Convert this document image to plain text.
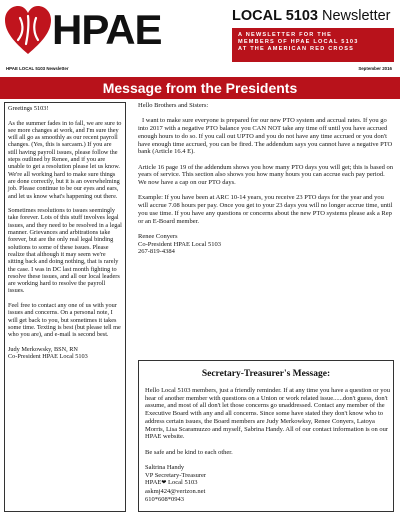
HPAE	LOCAL 5103 Newsletter
A NEWSLETTER FOR THE
MEMBERS OF HPAE LOCAL 5103
AT THE AMERICAN RED CROSS
HPAE LOCAL 5103 Newsletter	September 2016
Message from the Presidents

Greetings 5103!

As the summer fades in to fall, we are sure to see more changes at work, and I'm sure they will all go as smoothly as our recent payroll changes. (Yes, this is sarcasm.) If you are still having payroll issues, please follow the steps outlined by Renee, and if you are unable to get a resolution please let us know. We're all working hard to make sure things are done correctly, but it is an overwhelming job. Please continue to be our eyes and ears, and let us know what's happening out there.

Sometimes resolutions to issues seemingly take forever. Lots of this stuff involves legal issues, and they need to be resolved in a legal manner. Grievances and arbitrations take forever, but are the only real legal binding solutions to some of these issues. Please realize that although it may seem we're sitting back and doing nothing, that is rarely the case. I was in DC last month fighting to resolve these issues, and all our local leaders are working hard to resolve the payroll issues.

Feel free to contact any one of us with your issues and concerns. On a personal note, I will get back to you, but sometimes it takes some time. Texting is best (but please tell me who you are), and e-mail is second best.

Judy Merkowsky, BSN, RN

Co-President HPAE Local 5103

Hello Brothers and Sisters:

I want to make sure everyone is prepared for our new PTO system and accrual rates. If you go into 2017 with a negative PTO balance you CAN NOT take any time off until you have accrued enough hours to do so. If you call out UPTO and you do not have any time accrued or you don't have enough time accrued, you can be fired. The addendum says you cannot have a negative PTO bank (Article 16.4 E).

Article 16 page 19 of the addendum shows you how many PTO days you will get; this is based on years of service. This section also shows you how many hours you can accrue each pay period. We now have a cap on our PTO days.

Example: If you have been at ARC 10-14 years, you receive 23 PTO days for the year and you will accrue 7.08 hours per pay. Once you get to your 23 days you will no longer accrue time, until you use time. If you have any questions or concerns about the new PTO systems please ask a Rep or an E-Board member.

Renee Conyers
Co-President HPAE Local 5103
267-819-4384
Secretary-Treasurer's Message:

Hello Local 5103 members, just a friendly reminder. If at any time you have a question or you hear of another member with questions on a Union or work related issue......don't guess, don't assume, and most of all don't let those concerns go unaddressed. Contact any member of the Executive Board with any and all concerns. Since some have stated they don't know who to address certain issues, the Board members are Judy Merkowksy, Renee Conyers, Latoya Morris, Lisa Scaramuzzo and myself, Sabrina Handy. All of our contact information is on our HPAE website.

Be safe and be kind to each other.

Saltrina Handy
VP Secretary-Treasurer
HPAE❤ Local 5103
askmj424@verizon.net
610*608*0943
